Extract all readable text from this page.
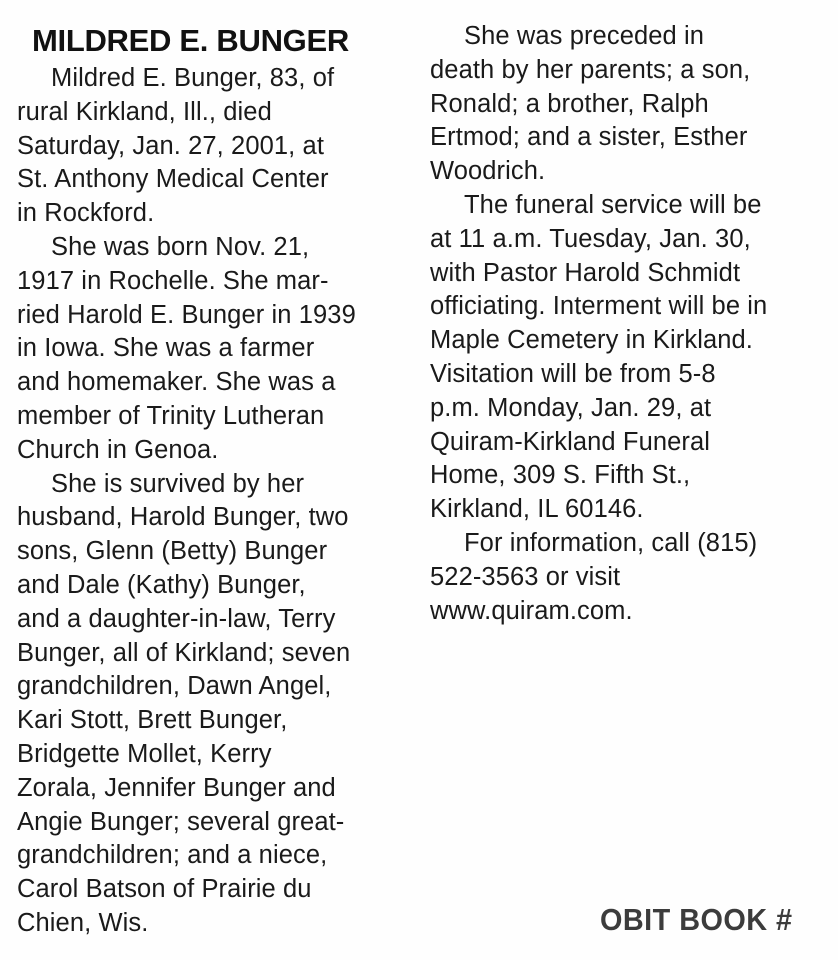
MILDRED E. BUNGER
Mildred E. Bunger, 83, of
rural Kirkland, Ill., died
Saturday, Jan. 27, 2001, at
St. Anthony Medical Center
in Rockford.
She was born Nov. 21,
1917 in Rochelle. She mar-
ried Harold E. Bunger in 1939
in Iowa. She was a farmer
and homemaker. She was a
member of Trinity Lutheran
Church in Genoa.
She is survived by her
husband, Harold Bunger, two
sons, Glenn (Betty) Bunger
and Dale (Kathy) Bunger,
and a daughter-in-law, Terry
Bunger, all of Kirkland; seven
grandchildren, Dawn Angel,
Kari Stott, Brett Bunger,
Bridgette Mollet, Kerry
Zorala, Jennifer Bunger and
Angie Bunger; several great-
grandchildren; and a niece,
Carol Batson of Prairie du
Chien, Wis.
She was preceded in
death by her parents; a son,
Ronald; a brother, Ralph
Ertmod; and a sister, Esther
Woodrich.
The funeral service will be
at 11 a.m. Tuesday, Jan. 30,
with Pastor Harold Schmidt
officiating. Interment will be in
Maple Cemetery in Kirkland.
Visitation will be from 5-8
p.m. Monday, Jan. 29, at
Quiram-Kirkland Funeral
Home, 309 S. Fifth St.,
Kirkland, IL 60146.
For information, call (815)
522-3563 or visit
www.quiram.com.
OBIT BOOK #
